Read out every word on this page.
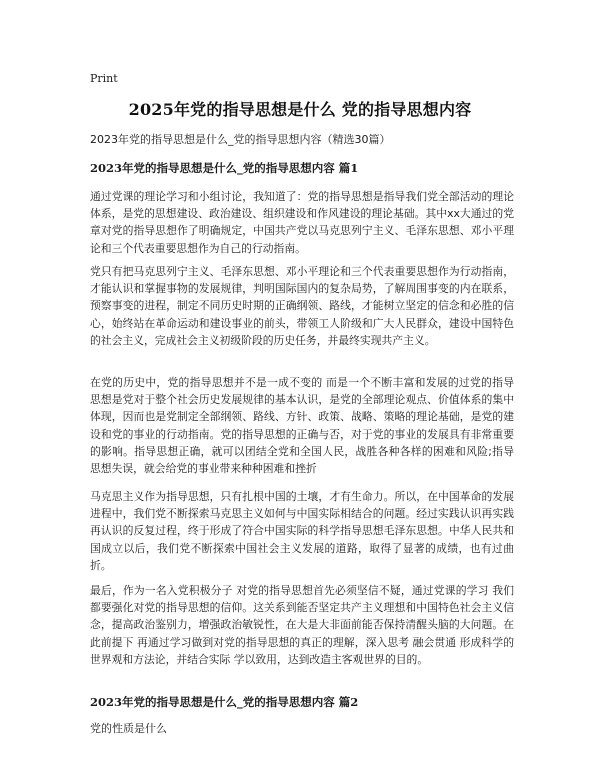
Print
2025年党的指导思想是什么 党的指导思想内容
2023年党的指导思想是什么_党的指导思想内容（精选30篇）
2023年党的指导思想是什么_党的指导思想内容 篇1
通过党课的理论学习和小组讨论，我知道了：党的指导思想是指导我们党全部活动的理论体系，是党的思想建设、政治建设、组织建设和作风建设的理论基础。其中xx大通过的党章对党的指导思想作了明确规定，中国共产党以马克思列宁主义、毛泽东思想、邓小平理论和三个代表重要思想作为自己的行动指南。
党只有把马克思列宁主义、毛泽东思想、邓小平理论和三个代表重要思想作为行动指南，才能认识和掌握事物的发展规律，判明国际国内的复杂局势，了解周围事变的内在联系，预察事变的进程，制定不同历史时期的正确纲领、路线，才能树立坚定的信念和必胜的信心，始终站在革命运动和建设事业的前头，带领工人阶级和广大人民群众，建设中国特色的社会主义，完成社会主义初级阶段的历史任务，并最终实现共产主义。
在党的历史中，党的指导思想并不是一成不变的 而是一个不断丰富和发展的过党的指导思想是党对于整个社会历史发展规律的基本认识，是党的全部理论观点、价值体系的集中体现，因而也是党制定全部纲领、路线、方针、政策、战略、策略的理论基础，是党的建设和党的事业的行动指南。党的指导思想的正确与否，对于党的事业的发展具有非常重要的影响。指导思想正确，就可以团结全党和全国人民，战胜各种各样的困难和风险;指导思想失误，就会给党的事业带来种种困难和挫折
马克思主义作为指导思想，只有扎根中国的土壤，才有生命力。所以，在中国革命的发展进程中，我们党不断探索马克思主义如何与中国实际相结合的问题。经过实践认识再实践再认识的反复过程，终于形成了符合中国实际的科学指导思想毛泽东思想。中华人民共和国成立以后，我们党不断探索中国社会主义发展的道路，取得了显著的成绩，也有过曲折。
最后，作为一名入党积极分子 对党的指导思想首先必须坚信不疑，通过党课的学习 我们都要强化对党的指导思想的信仰。这关系到能否坚定共产主义理想和中国特色社会主义信念，提高政治鉴别力，增强政治敏锐性，在大是大非面前能否保持清醒头脑的大问题。在此前提下 再通过学习做到对党的指导思想的真正的理解，深入思考 融会贯通 形成科学的世界观和方法论，并结合实际 学以致用，达到改造主客观世界的目的。
2023年党的指导思想是什么_党的指导思想内容 篇2
党的性质是什么
